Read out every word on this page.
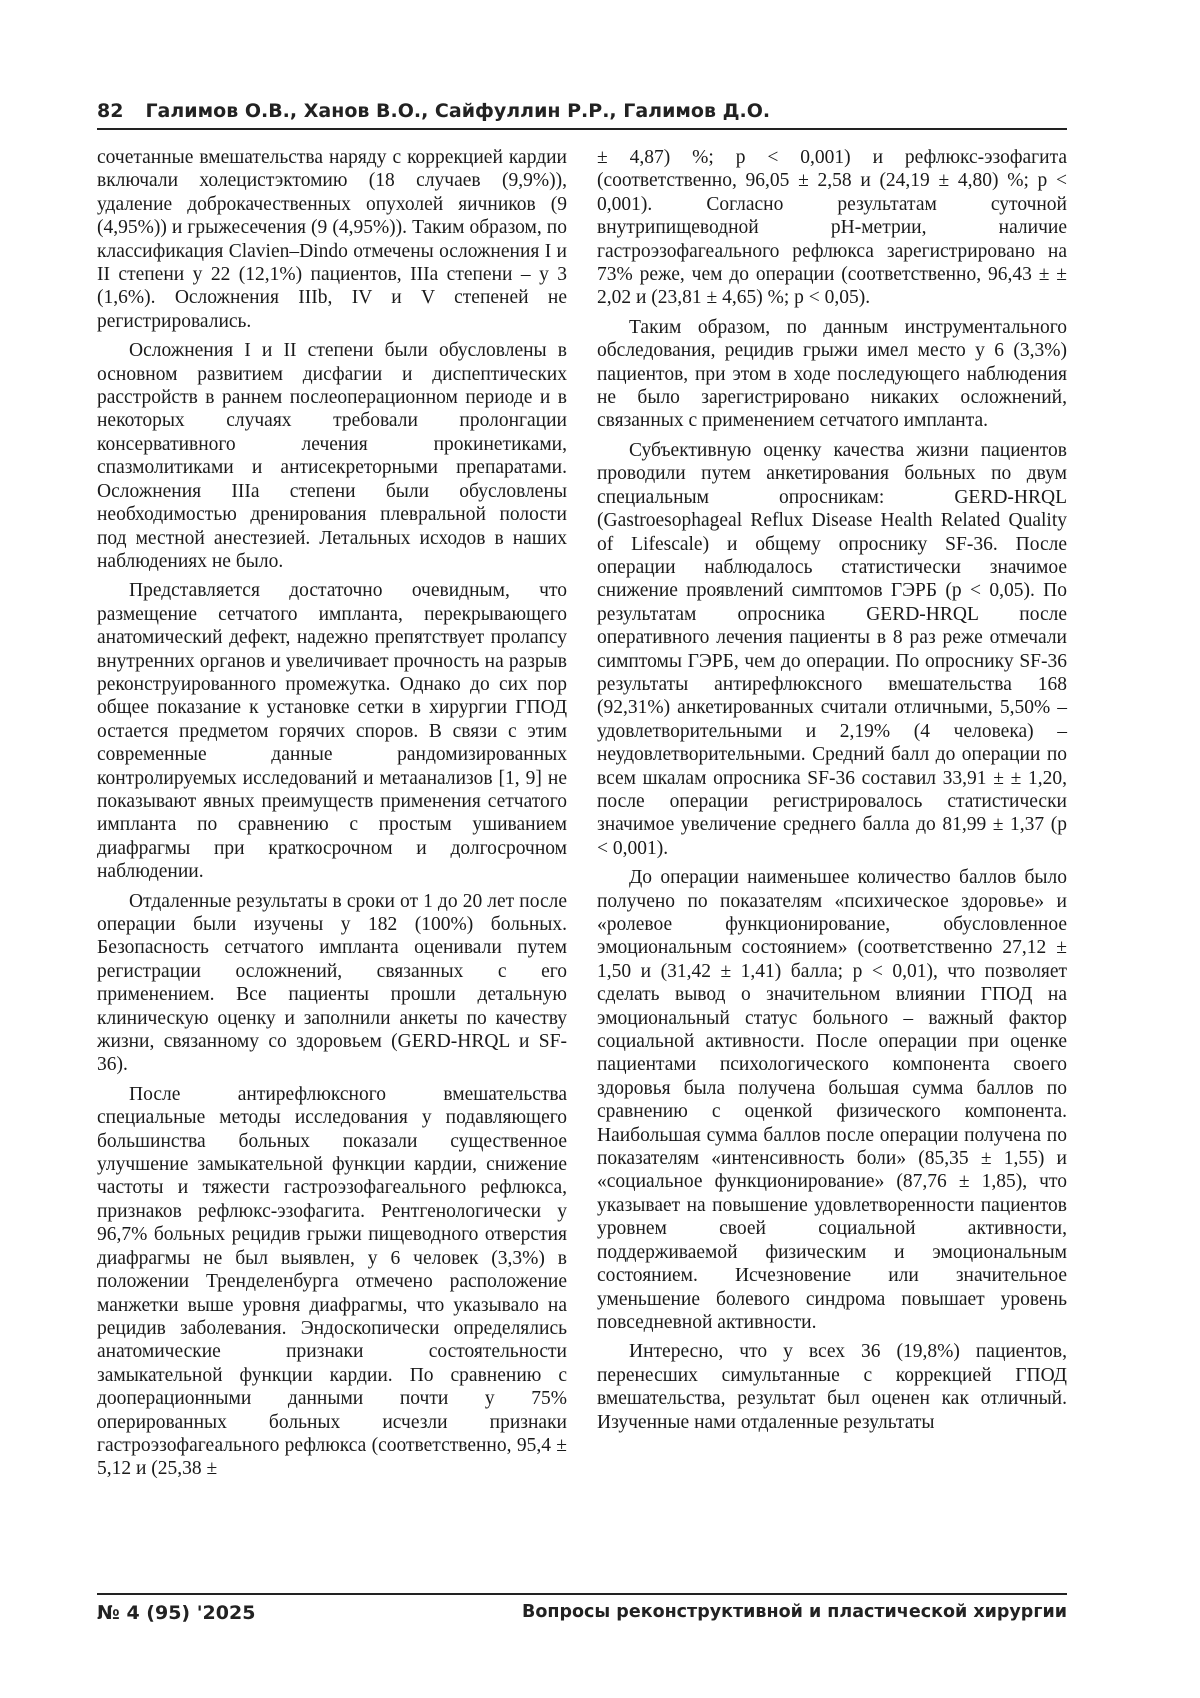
82 Галимов О.В., Ханов В.О., Сайфуллин Р.Р., Галимов Д.О.

сочетанные вмешательства наряду с коррекцией кардии включали холецистэктомию (18 случаев (9,9%)), удаление доброкачественных опухолей яичников (9 (4,95%)) и грыжесечения (9 (4,95%)). Таким образом, по классификация Clavien–Dindo отмечены осложнения I и II степени у 22 (12,1%) пациентов, IIIa степени – у 3 (1,6%). Осложнения IIIb, IV и V степеней не регистрировались.

Осложнения I и II степени были обусловлены в основном развитием дисфагии и диспептических расстройств в раннем послеоперационном периоде и в некоторых случаях требовали пролонгации консервативного лечения прокинетиками, спазмолитиками и антисекреторными препаратами. Осложнения IIIa степени были обусловлены необходимостью дренирования плевральной полости под местной анестезией. Летальных исходов в наших наблюдениях не было.

Представляется достаточно очевидным, что размещение сетчатого импланта, перекрывающего анатомический дефект, надежно препятствует пролапсу внутренних органов и увеличивает прочность на разрыв реконструированного промежутка. Однако до сих пор общее показание к установке сетки в хирургии ГПОД остается предметом горячих споров. В связи с этим современные данные рандомизированных контролируемых исследований и метаанализов [1, 9] не показывают явных преимуществ применения сетчатого импланта по сравнению с простым ушиванием диафрагмы при краткосрочном и долгосрочном наблюдении.

Отдаленные результаты в сроки от 1 до 20 лет после операции были изучены у 182 (100%) больных. Безопасность сетчатого импланта оценивали путем регистрации осложнений, связанных с его применением. Все пациенты прошли детальную клиническую оценку и заполнили анкеты по качеству жизни, связанному со здоровьем (GERD-HRQL и SF-36).

После антирефлюксного вмешательства специальные методы исследования у подавляющего большинства больных показали существенное улучшение замыкательной функции кардии, снижение частоты и тяжести гастроэзофагеального рефлюкса, признаков рефлюкс-эзофагита. Рентгенологически у 96,7% больных рецидив грыжи пищеводного отверстия диафрагмы не был выявлен, у 6 человек (3,3%) в положении Тренделенбурга отмечено расположение манжетки выше уровня диафрагмы, что указывало на рецидив заболевания. Эндоскопически определялись анатомические признаки состоятельности замыкательной функции кардии. По сравнению с дооперационными данными почти у 75% оперированных больных исчезли признаки гастроэзофагеального рефлюкса (соответственно, 95,4 ± 5,12 и (25,38 ±

± 4,87) %; p < 0,001) и рефлюкс-эзофагита (соответственно, 96,05 ± 2,58 и (24,19 ± 4,80) %; p < 0,001). Согласно результатам суточной внутрипищеводной pH-метрии, наличие гастроэзофагеального рефлюкса зарегистрировано на 73% реже, чем до операции (соответственно, 96,43 ± ± 2,02 и (23,81 ± 4,65) %; p < 0,05).

Таким образом, по данным инструментального обследования, рецидив грыжи имел место у 6 (3,3%) пациентов, при этом в ходе последующего наблюдения не было зарегистрировано никаких осложнений, связанных с применением сетчатого импланта.

Субъективную оценку качества жизни пациентов проводили путем анкетирования больных по двум специальным опросникам: GERD-HRQL (Gastroesophageal Reflux Disease Health Related Quality of Lifescale) и общему опроснику SF-36. После операции наблюдалось статистически значимое снижение проявлений симптомов ГЭРБ (p < 0,05). По результатам опросника GERD-HRQL после оперативного лечения пациенты в 8 раз реже отмечали симптомы ГЭРБ, чем до операции. По опроснику SF-36 результаты антирефлюксного вмешательства 168 (92,31%) анкетированных считали отличными, 5,50% – удовлетворительными и 2,19% (4 человека) – неудовлетворительными. Средний балл до операции по всем шкалам опросника SF-36 составил 33,91 ± ± 1,20, после операции регистрировалось статистически значимое увеличение среднего балла до 81,99 ± 1,37 (p < 0,001).

До операции наименьшее количество баллов было получено по показателям «психическое здоровье» и «ролевое функционирование, обусловленное эмоциональным состоянием» (соответственно 27,12 ± 1,50 и (31,42 ± 1,41) балла; p < 0,01), что позволяет сделать вывод о значительном влиянии ГПОД на эмоциональный статус больного – важный фактор социальной активности. После операции при оценке пациентами психологического компонента своего здоровья была получена большая сумма баллов по сравнению с оценкой физического компонента. Наибольшая сумма баллов после операции получена по показателям «интенсивность боли» (85,35 ± 1,55) и «социальное функционирование» (87,76 ± 1,85), что указывает на повышение удовлетворенности пациентов уровнем своей социальной активности, поддерживаемой физическим и эмоциональным состоянием. Исчезновение или значительное уменьшение болевого синдрома повышает уровень повседневной активности.

Интересно, что у всех 36 (19,8%) пациентов, перенесших симультанные с коррекцией ГПОД вмешательства, результат был оценен как отличный. Изученные нами отдаленные результаты

№ 4 (95) '2025	Вопросы реконструктивной и пластической хирургии
